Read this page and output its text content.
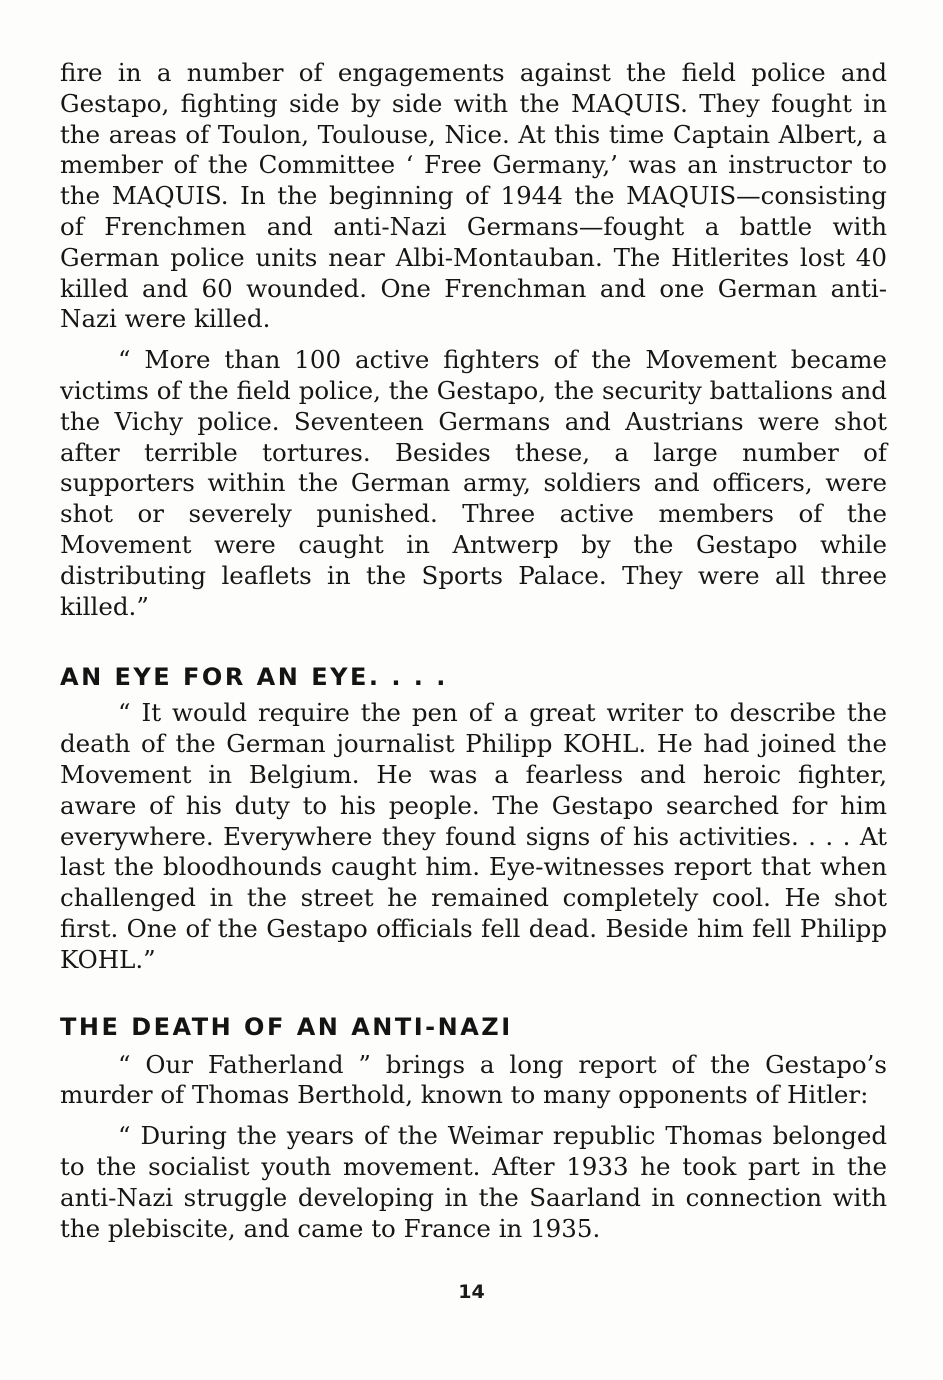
fire in a number of engagements against the field police and Gestapo, fighting side by side with the MAQUIS. They fought in the areas of Toulon, Toulouse, Nice. At this time Captain Albert, a member of the Committee ‘ Free Germany,’ was an instructor to the MAQUIS. In the beginning of 1944 the MAQUIS—consisting of Frenchmen and anti-Nazi Germans—fought a battle with German police units near Albi-Montauban. The Hitlerites lost 40 killed and 60 wounded. One Frenchman and one German anti-Nazi were killed.

“ More than 100 active fighters of the Movement became victims of the field police, the Gestapo, the security battalions and the Vichy police. Seventeen Germans and Austrians were shot after terrible tortures. Besides these, a large number of supporters within the German army, soldiers and officers, were shot or severely punished. Three active members of the Movement were caught in Antwerp by the Gestapo while distributing leaflets in the Sports Palace. They were all three killed.”

AN EYE FOR AN EYE. . . .

“ It would require the pen of a great writer to describe the death of the German journalist Philipp KOHL. He had joined the Movement in Belgium. He was a fearless and heroic fighter, aware of his duty to his people. The Gestapo searched for him everywhere. Everywhere they found signs of his activities. . . . At last the bloodhounds caught him. Eye-witnesses report that when challenged in the street he remained completely cool. He shot first. One of the Gestapo officials fell dead. Beside him fell Philipp KOHL.”

THE DEATH OF AN ANTI-NAZI

“ Our Fatherland ” brings a long report of the Gestapo’s murder of Thomas Berthold, known to many opponents of Hitler:

“ During the years of the Weimar republic Thomas belonged to the socialist youth movement. After 1933 he took part in the anti-Nazi struggle developing in the Saarland in connection with the plebiscite, and came to France in 1935.

14
